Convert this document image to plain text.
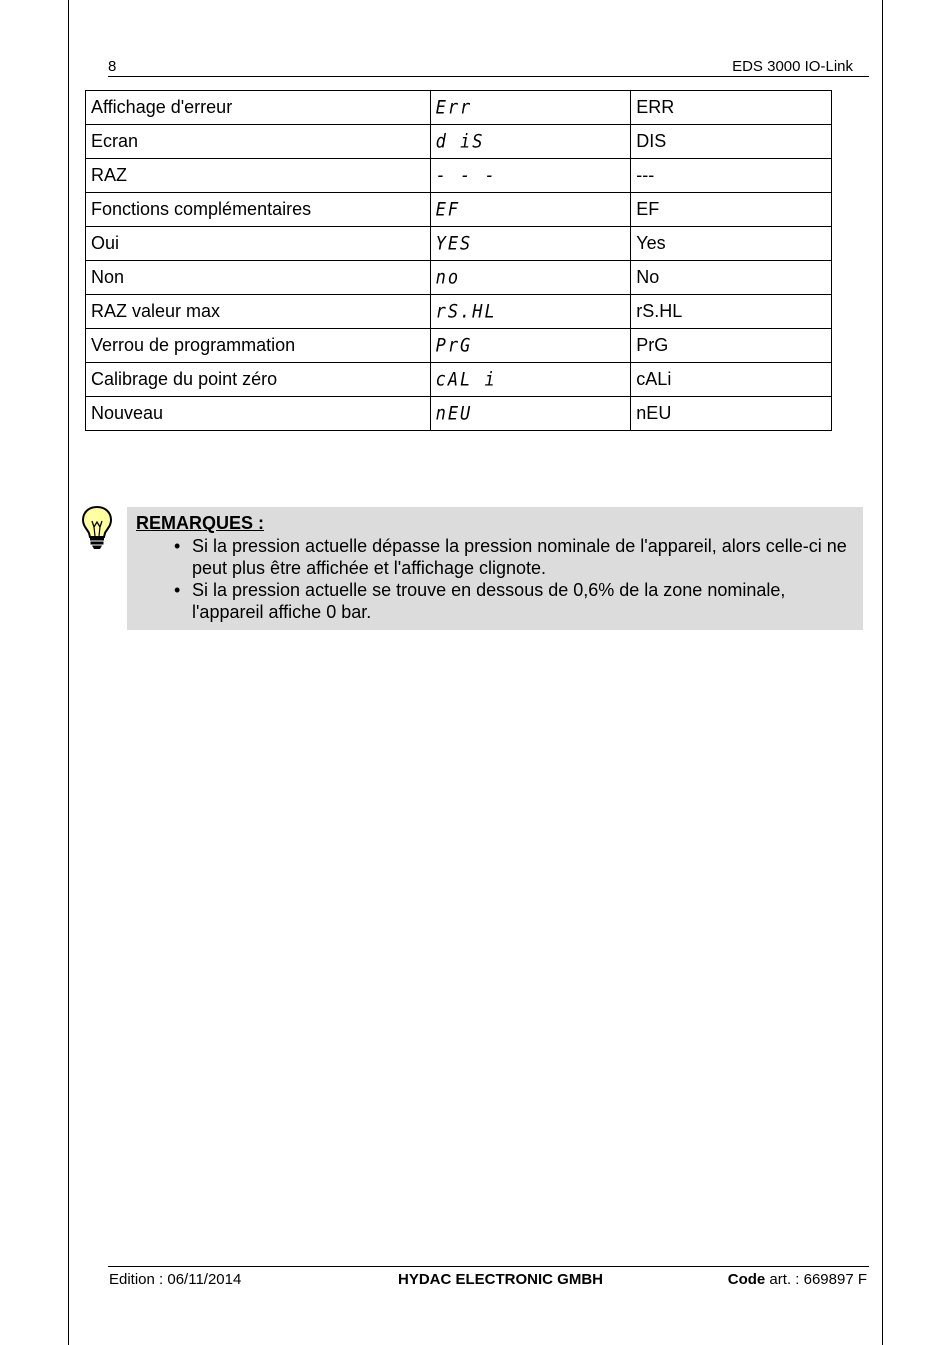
8	EDS 3000 IO-Link
Affichage d'erreur	Err	ERR
Ecran	d iS	DIS
RAZ	- - -	---
Fonctions complémentaires	EF	EF
Oui	YES	Yes
Non	no	No
RAZ valeur max	rS.HL	rS.HL
Verrou de programmation	PrG	PrG
Calibrage du point zéro	cAL i	cALi
Nouveau	nEU	nEU
REMARQUES :
• Si la pression actuelle dépasse la pression nominale de l'appareil, alors celle-ci ne peut plus être affichée et l'affichage clignote.
• Si la pression actuelle se trouve en dessous de 0,6% de la zone nominale, l'appareil affiche 0 bar.
Edition : 06/11/2014	HYDAC ELECTRONIC GMBH	Code art. : 669897 F
